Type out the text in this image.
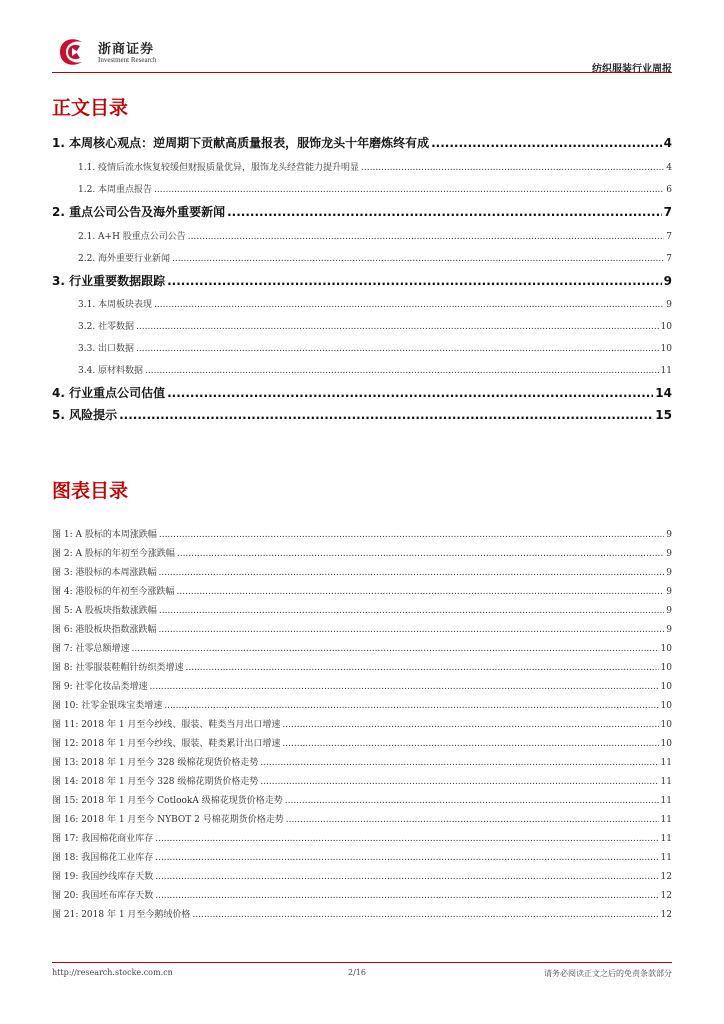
浙商证券
Investment Research
纺织服装行业周报
正文目录
1. 本周核心观点：逆周期下贡献高质量报表，服饰龙头十年磨炼终有成 .....	4
1.1. 疫情后流水恢复较缓但财报质量优异，服饰龙头经营能力提升明显 .....	4
1.2. 本周重点报告 .....	6
2. 重点公司公告及海外重要新闻 .....	7
2.1. A+H 股重点公司公告 .....	7
2.2. 海外重要行业新闻 .....	7
3. 行业重要数据跟踪 .....	9
3.1. 本周板块表现 .....	9
3.2. 社零数据 .....	10
3.3. 出口数据 .....	10
3.4. 原材料数据 .....	11
4. 行业重点公司估值 .....	14
5. 风险提示 .....	15
图表目录
图 1: A 股标的本周涨跌幅 .....	9
图 2: A 股标的年初至今涨跌幅 .....	9
图 3: 港股标的本周涨跌幅 .....	9
图 4: 港股标的年初至今涨跌幅 .....	9
图 5: A 股板块指数涨跌幅 .....	9
图 6: 港股板块指数涨跌幅 .....	9
图 7: 社零总额增速 .....	10
图 8: 社零服装鞋帽针纺织类增速 .....	10
图 9: 社零化妆品类增速 .....	10
图 10: 社零金银珠宝类增速 .....	10
图 11: 2018 年 1 月至今纱线、服装、鞋类当月出口增速 .....	10
图 12: 2018 年 1 月至今纱线、服装、鞋类累计出口增速 .....	10
图 13: 2018 年 1 月至今 328 级棉花现货价格走势 .....	11
图 14: 2018 年 1 月至今 328 级棉花期货价格走势 .....	11
图 15: 2018 年 1 月至今 CotlookA 级棉花现货价格走势 .....	11
图 16: 2018 年 1 月至今 NYBOT 2 号棉花期货价格走势 .....	11
图 17: 我国棉花商业库存 .....	11
图 18: 我国棉花工业库存 .....	11
图 19: 我国纱线库存天数 .....	12
图 20: 我国坯布库存天数 .....	12
图 21: 2018 年 1 月至今鹅绒价格 .....	12
http://research.stocke.com.cn	2/16	请务必阅读正文之后的免责条款部分
